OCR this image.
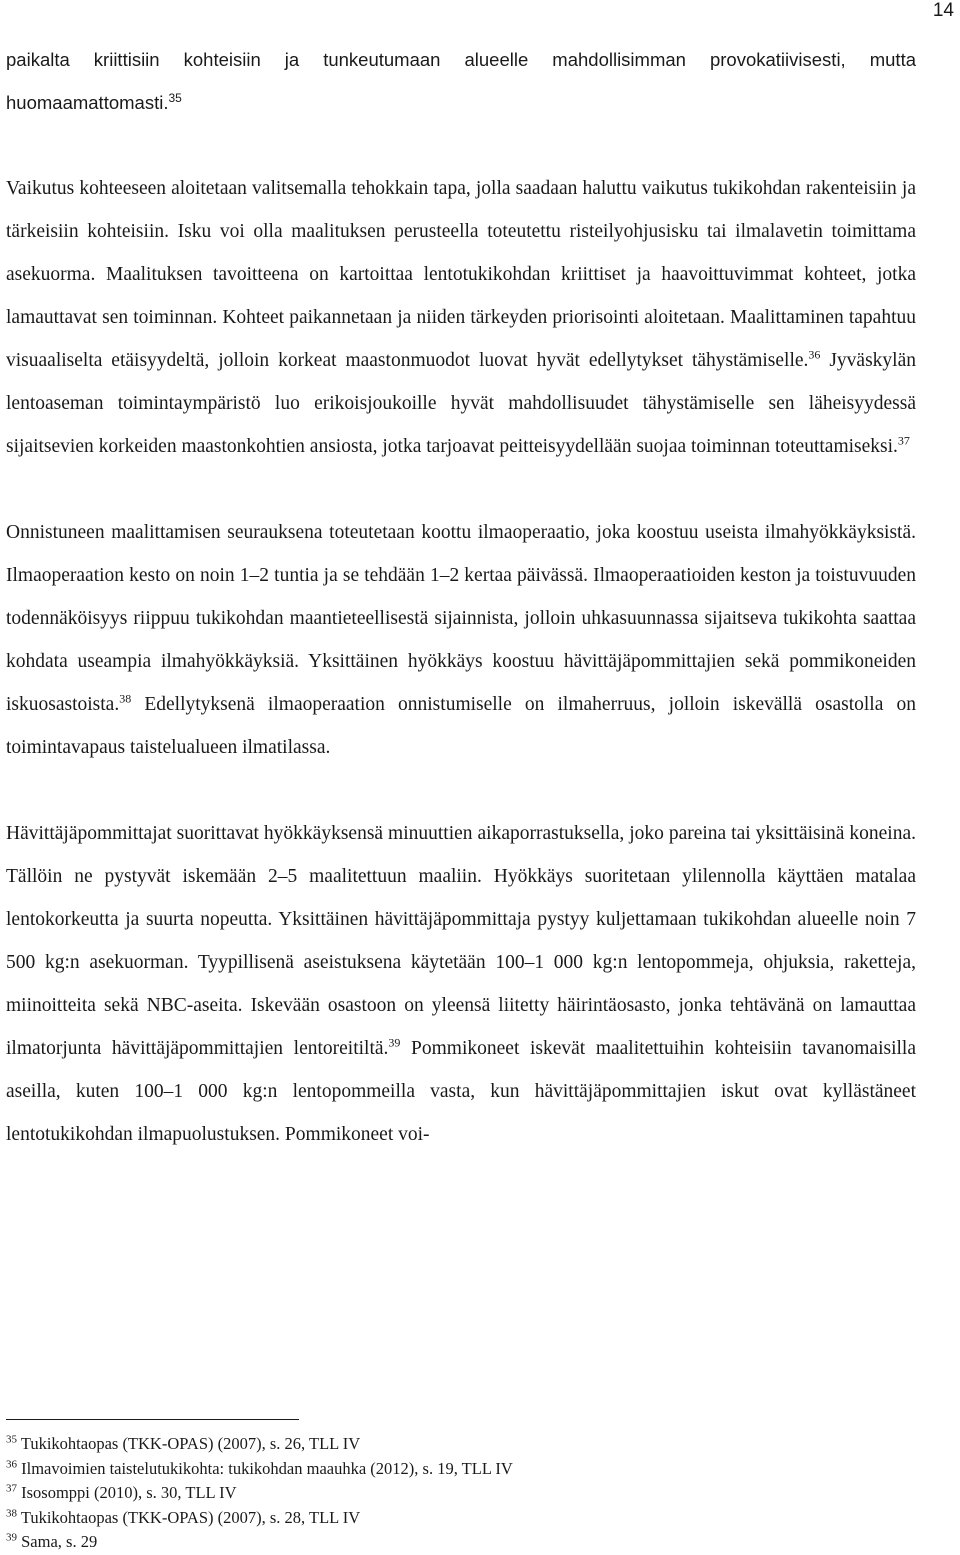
14

paikalta kriittisiin kohteisiin ja tunkeutumaan alueelle mahdollisimman provokatiivisesti, mutta huomaamattomasti.$^{35}$

Vaikutus kohteeseen aloitetaan valitsemalla tehokkain tapa, jolla saadaan haluttu vaikutus tukikohdan rakenteisiin ja tärkeisiin kohteisiin. Isku voi olla maalituksen perusteella toteutettu risteilyohjusisku tai ilmalavetin toimittama asekuorma. Maalituksen tavoitteena on kartoittaa lentotukikohdan kriittiset ja haavoittuvimmat kohteet, jotka lamauttavat sen toiminnan. Kohteet paikannetaan ja niiden tärkeyden priorisointi aloitetaan. Maalittaminen tapahtuu visuaaliselta etäisyydeltä, jolloin korkeat maastonmuodot luovat hyvät edellytykset tähystämiselle.$^{36}$ Jyväskylän lentoaseman toimintaympäristö luo erikoisjoukoille hyvät mahdollisuudet tähystämiselle sen läheisyydessä sijaitsevien korkeiden maastonkohtien ansiosta, jotka tarjoavat peitteisyydellään suojaa toiminnan toteuttamiseksi.$^{37}$

Onnistuneen maalittamisen seurauksena toteutetaan koottu ilmaoperaatio, joka koostuu useista ilmahyökkäyksistä. Ilmaoperaation kesto on noin 1–2 tuntia ja se tehdään 1–2 kertaa päivässä. Ilmaoperaatioiden keston ja toistuvuuden todennäköisyys riippuu tukikohdan maantieteellisestä sijainnista, jolloin uhkasuunnassa sijaitseva tukikohta saattaa kohdata useampia ilmahyökkäyksiä. Yksittäinen hyökkäys koostuu hävittäjäpommittajien sekä pommikoneiden iskuosastoista.$^{38}$ Edellytyksenä ilmaoperaation onnistumiselle on ilmaherruus, jolloin iskevällä osastolla on toimintavapaus taistelualueen ilmatilassa.

Hävittäjäpommittajat suorittavat hyökkäyksensä minuuttien aikaporrastuksella, joko pareina tai yksittäisinä koneina. Tällöin ne pystyvät iskemään 2–5 maalitettuun maaliin. Hyökkäys suoritetaan ylilennolla käyttäen matalaa lentokorkeutta ja suurta nopeutta. Yksittäinen hävittäjäpommittaja pystyy kuljettamaan tukikohdan alueelle noin 7 500 kg:n asekuorman. Tyypillisenä aseistuksena käytetään 100–1 000 kg:n lentopommeja, ohjuksia, raketteja, miinoitteita sekä NBC-aseita. Iskevään osastoon on yleensä liitetty häirintäosasto, jonka tehtävänä on lamauttaa ilmatorjunta hävittäjäpommittajien lentoreitiltä.$^{39}$ Pommikoneet iskevät maalitettuihin kohteisiin tavanomaisilla aseilla, kuten 100–1 000 kg:n lentopommeilla vasta, kun hävittäjäpommittajien iskut ovat kyllästäneet lentotukikohdan ilmapuolustuksen. Pommikoneet voi-

$^{35}$ Tukikohtaopas (TKK-OPAS) (2007), s. 26, TLL IV
$^{36}$ Ilmavoimien taistelutukikohta: tukikohdan maauhka (2012), s. 19, TLL IV
$^{37}$ Isosomppi (2010), s. 30, TLL IV
$^{38}$ Tukikohtaopas (TKK-OPAS) (2007), s. 28, TLL IV
$^{39}$ Sama, s. 29
